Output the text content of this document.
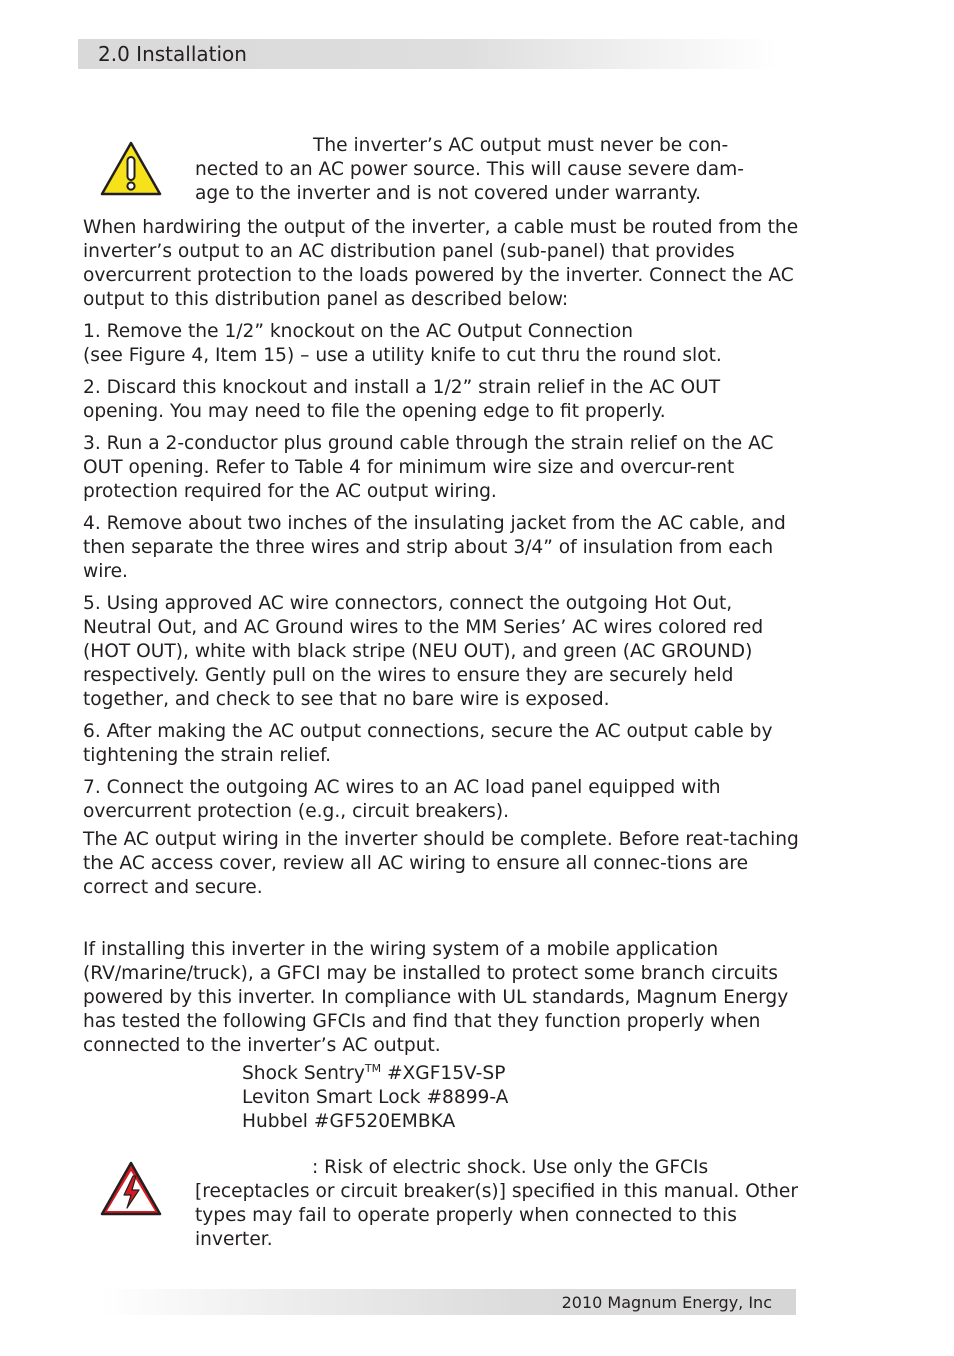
2.0 Installation
The inverter’s AC output must never be con-
nected to an AC power source. This will cause severe dam-
age to the inverter and is not covered under warranty.

When hardwiring the output of the inverter, a cable must be routed from the inverter’s output to an AC distribution panel (sub-panel) that provides overcurrent protection to the loads powered by the inverter. Connect the AC output to this distribution panel as described below:

1. Remove the 1/2” knockout on the AC Output Connection
(see Figure 4, Item 15) – use a utility knife to cut thru the round slot.

2. Discard this knockout and install a 1/2” strain relief in the AC OUT opening. You may need to file the opening edge to fit properly.

3. Run a 2-conductor plus ground cable through the strain relief on the AC OUT opening. Refer to Table 4 for minimum wire size and overcur-rent protection required for the AC output wiring.

4. Remove about two inches of the insulating jacket from the AC cable, and then separate the three wires and strip about 3/4” of insulation from each wire.

5. Using approved AC wire connectors, connect the outgoing Hot Out, Neutral Out, and AC Ground wires to the MM Series’ AC wires colored red (HOT OUT), white with black stripe (NEU OUT), and green (AC GROUND) respectively. Gently pull on the wires to ensure they are securely held together, and check to see that no bare wire is exposed.

6. After making the AC output connections, secure the AC output cable by tightening the strain relief.

7. Connect the outgoing AC wires to an AC load panel equipped with overcurrent protection (e.g., circuit breakers).

The AC output wiring in the inverter should be complete. Before reat-taching the AC access cover, review all AC wiring to ensure all connec-tions are correct and secure.

If installing this inverter in the wiring system of a mobile application (RV/marine/truck), a GFCI may be installed to protect some branch circuits powered by this inverter. In compliance with UL standards, Magnum Energy has tested the following GFCIs and find that they function properly when connected to the inverter’s AC output.

Shock Sentry™ #XGF15V-SP
Leviton Smart Lock #8899-A
Hubbel #GF520EMBKA
: Risk of electric shock. Use only the GFCIs
[receptacles or circuit breaker(s)] specified in this manual. Other types may fail to operate properly when connected to this inverter.
2010 Magnum Energy, Inc
